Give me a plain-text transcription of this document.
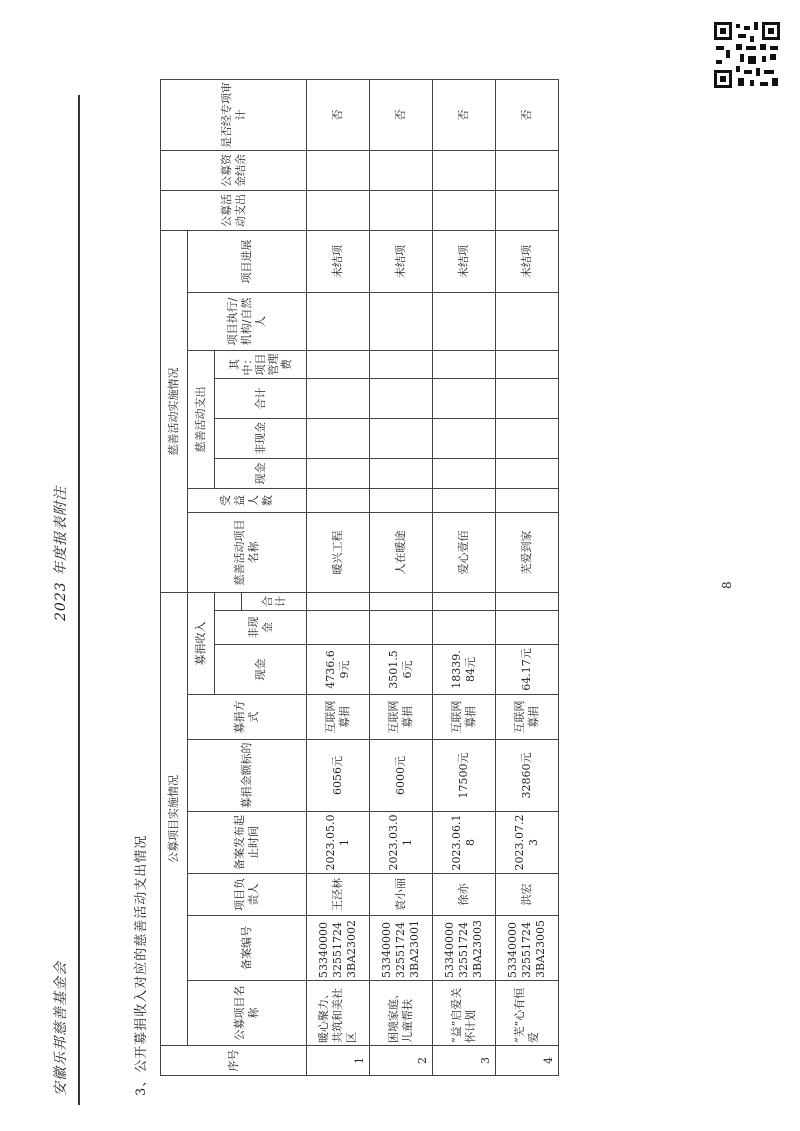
安徽乐邦慈善基金会
2023 年度报表附注
3、公开募捐收入对应的慈善活动支出情况
8
序号	公募项目实施情况									慈善活动实施情况								公募活动支出	公募资金结余	是否经专项审计
	公募项目名称	备案编号	项目负责人	备案发布起止时间	募捐金额标的	募捐方式	募捐收入			慈善活动项目名称	受益人数	慈善活动支出				项目执行/机构/自然人	项目进展			
							现金	非现金				现金	非现金	合计	其中：项目管理费					
									合计											
1	暖心聚力、共筑和美社区	53340000325517243BA23002	王泾林	2023.05.01	6056元	互联网募捐	4736.69元			暖兴工程							未结项			否
2	困境家庭、儿童帮扶	53340000325517243BA23001	袁小丽	2023.03.01	6000元	互联网募捐	3501.56元			人在暖途							未结项			否
3	“益”启爱关怀计划	53340000325517243BA23003	徐亦	2023.06.18	17500元	互联网募捐	18339.84元			爱心壹佰							未结项			否
4	“芜”心有恒爱	53340000325517243BA23005	洪宏	2023.07.23	32860元	互联网募捐	64.17元			芜爱到家							未结项			否
